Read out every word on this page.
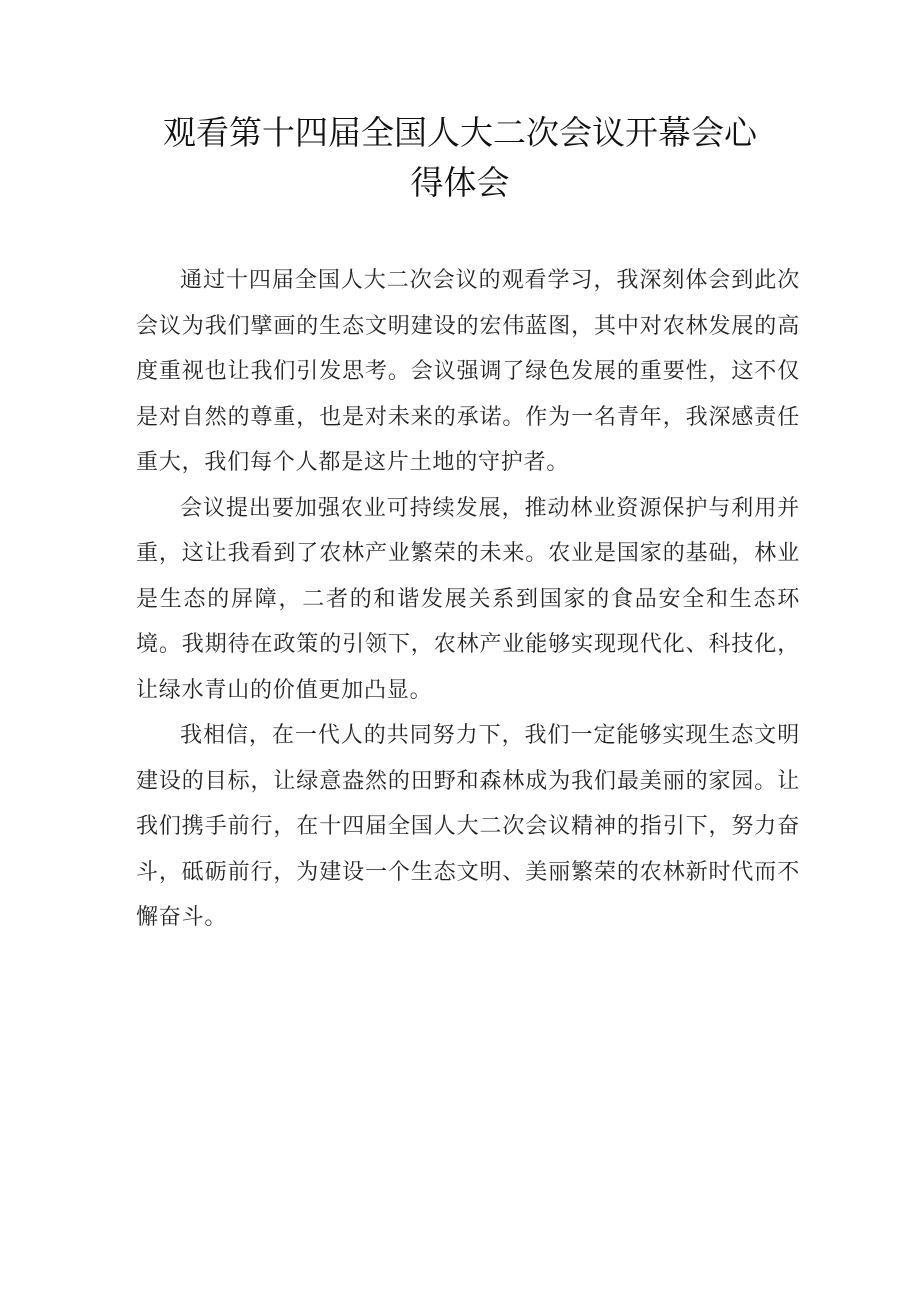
观看第十四届全国人大二次会议开幕会心
得体会

通过十四届全国人大二次会议的观看学习，我深刻体会到此次会议为我们擘画的生态文明建设的宏伟蓝图，其中对农林发展的高度重视也让我们引发思考。会议强调了绿色发展的重要性，这不仅是对自然的尊重，也是对未来的承诺。作为一名青年，我深感责任重大，我们每个人都是这片土地的守护者。

会议提出要加强农业可持续发展，推动林业资源保护与利用并重，这让我看到了农林产业繁荣的未来。农业是国家的基础，林业是生态的屏障，二者的和谐发展关系到国家的食品安全和生态环境。我期待在政策的引领下，农林产业能够实现现代化、科技化，让绿水青山的价值更加凸显。

我相信，在一代人的共同努力下，我们一定能够实现生态文明建设的目标，让绿意盎然的田野和森林成为我们最美丽的家园。让我们携手前行，在十四届全国人大二次会议精神的指引下，努力奋斗，砥砺前行，为建设一个生态文明、美丽繁荣的农林新时代而不懈奋斗。
